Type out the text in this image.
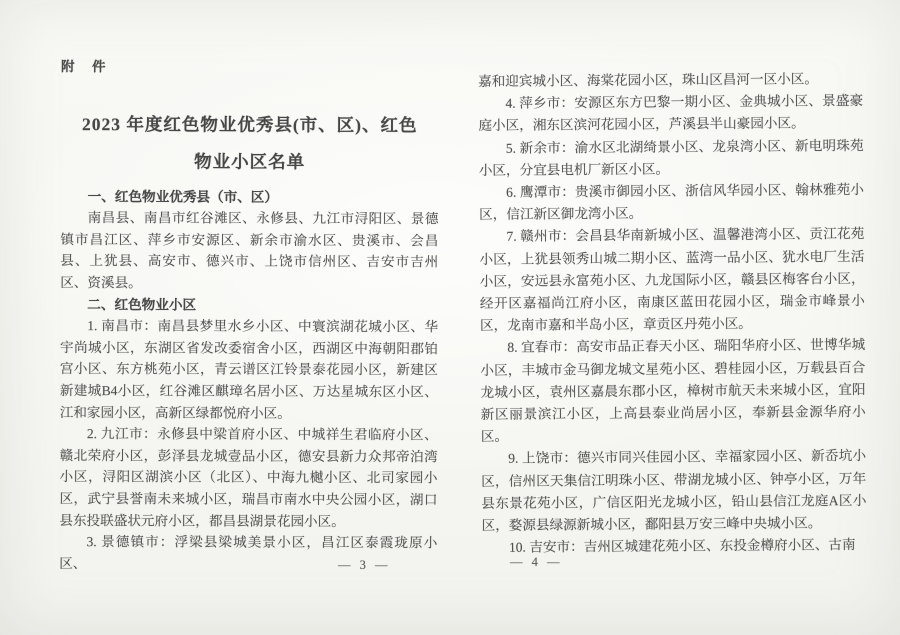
附　件
2023 年度红色物业优秀县(市、区)、红色
物业小区名单

一、红色物业优秀县（市、区）

南昌县、南昌市红谷滩区、永修县、九江市浔阳区、景德镇市昌江区、萍乡市安源区、新余市渝水区、贵溪市、会昌县、上犹县、高安市、德兴市、上饶市信州区、吉安市吉州区、资溪县。

二、红色物业小区

1. 南昌市：南昌县梦里水乡小区、中寰滨湖花城小区、华宇尚城小区，东湖区省发改委宿舍小区，西湖区中海朝阳郡铂宫小区、东方桃苑小区，青云谱区江铃景泰花园小区，新建区新建城B4小区，红谷滩区麒璋名居小区、万达星城东区小区、江和家园小区，高新区绿都悦府小区。

2. 九江市：永修县中梁首府小区、中城祥生君临府小区、赣北荣府小区，彭泽县龙城壹品小区，德安县新力众邦帝泊湾小区，浔阳区湖滨小区（北区）、中海九樾小区、北司家园小区，武宁县誉南未来城小区，瑞昌市南水中央公园小区，湖口县东投联盛状元府小区，都昌县湖景花园小区。

3. 景德镇市：浮梁县梁城美景小区，昌江区泰霞珑原小区、

嘉和迎宾城小区、海棠花园小区，珠山区昌河一区小区。

4. 萍乡市：安源区东方巴黎一期小区、金典城小区、景盛豪庭小区，湘东区滨河花园小区，芦溪县半山豪园小区。

5. 新余市：渝水区北湖绮景小区、龙泉湾小区、新电明珠苑小区，分宜县电机厂新区小区。

6. 鹰潭市：贵溪市御园小区、浙信风华园小区、翰林雅苑小区，信江新区御龙湾小区。

7. 赣州市：会昌县华南新城小区、温馨港湾小区、贡江花苑小区，上犹县领秀山城二期小区、蓝湾一品小区、犹水电厂生活小区，安远县永富苑小区、九龙国际小区，赣县区梅客台小区，经开区嘉福尚江府小区，南康区蓝田花园小区，瑞金市峰景小区，龙南市嘉和半岛小区，章贡区丹苑小区。

8. 宜春市：高安市品正春天小区、瑞阳华府小区、世博华城小区，丰城市金马御龙城文星苑小区、碧桂园小区，万载县百合龙城小区，袁州区嘉晨东郡小区，樟树市航天未来城小区，宜阳新区丽景滨江小区，上高县泰业尚居小区，奉新县金源华府小区。

9. 上饶市：德兴市同兴佳园小区、幸福家园小区、新岙坑小区，信州区天集信江明珠小区、带湖龙城小区、钟亭小区，万年县东景花苑小区，广信区阳光龙城小区，铅山县信江龙庭A区小区，婺源县绿源新城小区，鄱阳县万安三峰中央城小区。

10. 吉安市：吉州区城建花苑小区、东投金樽府小区、古南

— 3 —	— 4 —
